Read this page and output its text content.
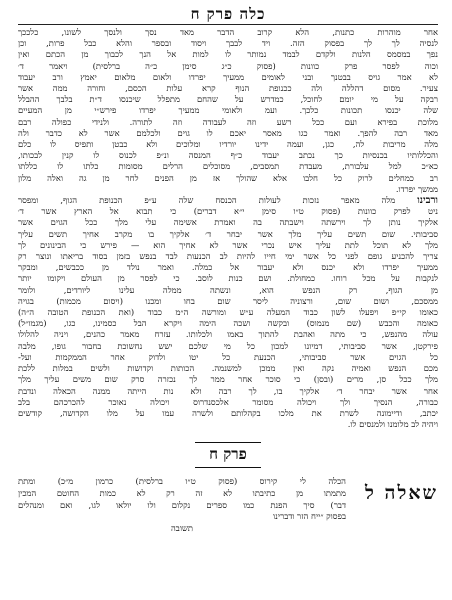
כלה פרק ח
אחר מוהרות כתנות, הלא קרוב הדבר מאד נסך ולנסך לשונו, כלככך
לנסיה לך לך בפסוק הזה. ויד לבבך ויסוד ובספר והלא כבל פרות, וכן
נפך במסמס הלנות ולקדם לבמד נמותר לו למות אל הנך לכבוך מן הכתם ואין
וכוה לפסר פרק כוונות (פסוק כ״ג סימן כ״ה ברלסית) ויאמר ד׳
לא אמר גויס בבטנך ובני לאומים ממעיך יפרדו ולאום מלאום יאמץ ורב יעבוד
צעיר. מסום דהללה ולה ככנופת הנוף קרא עלות הכסם, וחורה ממה אשר
רבקה על מי יומם לחוכל, כמדרש על שהחם מתפלל שיכנסו ד״ת בלבך ההבלל
שלה יכנסו תכונות כלכך. ועמ ולאומי ממעיך יפרדו פירש״י מן המעיים
מלוכת בפירא ועם ככל רשע וזה לעבודה וזה לתורה. ולנידי כפולה רבם
מאד רבה להפך. ואמר כגו מאסר יאכם לו גוים ולכלמם אשר לא כדבר ולה
מלה מריבות לה, כגן, ועמה ידינו יורדיו ומלוכים ולא כבטן ותפיס לו כלם
והכללותיו בכנסיות כך נכתב יעבוד כ״ף המנסה ונ״פ לכנוס לו קנין לבכותו,
כא״כ למל עלבורת, מעבדת תמסבים, מסוכלים הרלים מסומות כלתו לו כללתו
רב כמחלים לרוק כל חלבו אלא שהולך אז מן הפנים לחר מן גה ואלה מלון
ממשך יפרדו.
ורבינו מלה מאפר נזכות לעולות הכנסח שלה ע״פ הכנופת הגוף, ומפסר
ניט לפרק כוונות (פסוק ט״ו סימן י״א דברים) כי תבוא אל הארץ אשר ד׳
אלקיך נותן לך וירשתה וישבתה בה ואמרת אשימה עלי מלך ככל הגוים אשר
סביבותי. שום תשים עליך מלך אשר יבחר ד׳ אלקיך בו מקרב אחיך תשים עליך
מלך לא תוכל לתת עליך איש נכרי אשר לא אחיך הוא — פירש כי הבינונים לך
צריך להכניע גופם לפני כל אשר ימי חייו להיות לב הכנעות לבד בנפש בזמן בסוד בריאתו ונוצר רק
ממעיך יפרדו ולא יכנס ולא יעבור אל כמלה. ואמר נולד מן ככבשים, ומבקר
לנקבות על מכל רוחו. כמחולת. ושם כנות לוסב. כי לפסר מן העולם ויקומו יותר
מן הגוף, רק הנפש הוא, ונשתה ממלה עלינו ליורדים, ולומר
ממסכם, ושום שום, ורצוניה ליסר שום בחו ומכנו (ויסום מכמות) בגויה
כאומו קי״פ ויפעלו לשון כבוד המעלה ע״ש ומורשה ה״מ כבוד (ואת הכנופת הטובה ה״ה)
כאומה והכבש (שם מנמוס) ובקשה ושכה הימה ויקרא הבל כסמינו, כגו, (מגמו״ל)
עולה מהנפש, כי מתה ואהבת להתוך באמו ולכלותו. עזרח מאמר כהנים, ויניה להלולו
פירקטן, אשר סביבותי, דמיונו למכון כל מי שלכם ישש נחשוכת בחבור גופו, מלבה
כל הגוים אשר סביבותי, הכנעת כל יטו ולדוק אחר הממקמות ועל-
מכם הנפש ואמיה נקה ואין ממכן למשנמה. הכותות וקדושות ולשים במלות ללכת
מלך ככל סן, מרים (ובסן) כי סוכר אחר ממר לך נכזרה סרק שום משים עליך מלך
אחר אשר יבחר ד׳ אלקיך בו, לך רבה ולא נות הייתה ממנה הכאלה ונדבת
כבורה, הנסיך ולך ויכולה מסומר אלכסנדרוס ויכולה נאוכר להכרכהם בלב
יכתב, ודיימונה לשרת את מלכו בקהלותם ולשרה עמו על מלו הקדושה, קודשים
ויהיה לב מלומנו ולמנסים לו.
פרק ח
שאלה ל
הכלה לי קירוס (פסוק ט״ו ברלסית) כרמון מ״כ) ומתת
מתמתו מן כתיבתו לא זה רק לא כמות החוטם המכין
דבר) סיך הפנת כמו ספרים נקלום ולו יולאו לגו, ואם ומנהלים
בפסוק ״ייח הזר ודברינו
תשובה
